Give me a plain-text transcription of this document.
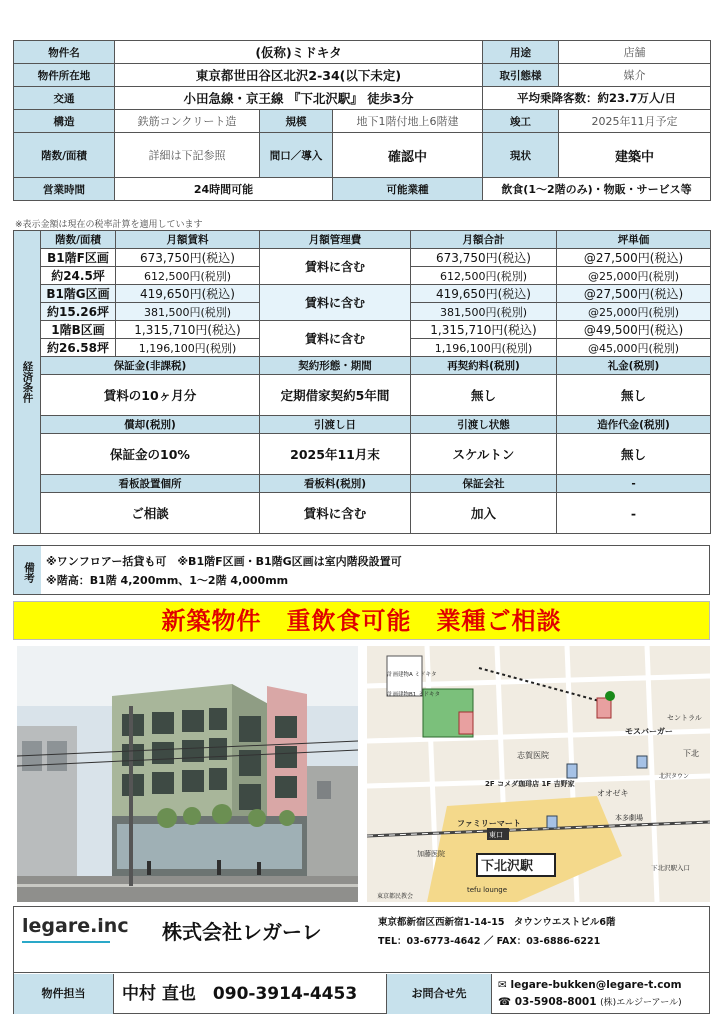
物件名	(仮称)ミドキタ			用途	店舗
物件所在地	東京都世田谷区北沢2-34(以下未定)			取引態様	媒介
交通	小田急線・京王線 『下北沢駅』 徒歩3分			平均乗降客数：約23.7万人/日	
構造	鉄筋コンクリート造	規模	地下1階付地上6階建	竣工	2025年11月予定
階数/面積	詳細は下記参照	間口／導入	確認中	現状	建築中
営業時間	24時間可能		可能業種	飲食(1～2階のみ)・物販・サービス等	
※表示金額は現在の税率計算を適用しています
経済条件	階数/面積	月額賃料	月額管理費	月額合計	坪単価
	B1階F区画	673,750円(税込)	賃料に含む	673,750円(税込)	@27,500円(税込)
	約24.5坪	612,500円(税別)		612,500円(税別)	@25,000円(税別)
	B1階G区画	419,650円(税込)	賃料に含む	419,650円(税込)	@27,500円(税込)
	約15.26坪	381,500円(税別)		381,500円(税別)	@25,000円(税別)
	1階B区画	1,315,710円(税込)	賃料に含む	1,315,710円(税込)	@49,500円(税込)
	約26.58坪	1,196,100円(税別)		1,196,100円(税別)	@45,000円(税別)
	保証金(非課税)		契約形態・期間	再契約料(税別)	礼金(税別)
	賃料の10ヶ月分		定期借家契約5年間	無し	無し
	償却(税別)		引渡し日	引渡し状態	造作代金(税別)
	保証金の10%		2025年11月末	スケルトン	無し
	看板設置個所		看板料(税別)	保証会社	-
	ご相談		賃料に含む	加入	-
備考	※ワンフロアー括貸も可　※B1階F区画・B1階G区画は室内階段設置可
※階高：B1階 4,200mm、1～2階 4,000mm
新築物件　重飲食可能　業種ご相談
計画建物A ミドキタ
計画建物B1 ミドキタ
志賀医院
2F コメダ珈琲店 1F 吉野家
モスバーガー
ファミリーマート
東口
下北沢駅
加藤医院
tefu lounge
オオゼキ
本多劇場
セントラル
下北
北沢タウン
下北沢駅入口
東京都民教会
legare.inc 株式会社レガーレ	東京都新宿区西新宿1-14-15　タウンウエストビル6階
TEL：03-6773-4642 ／ FAX：03-6886-6221
物件担当	中村 直也　090-3914-4453	お問合せ先
✉ legare-bukken@legare-t.com
☎ 03-5908-8001 (株)エルジーアール)
